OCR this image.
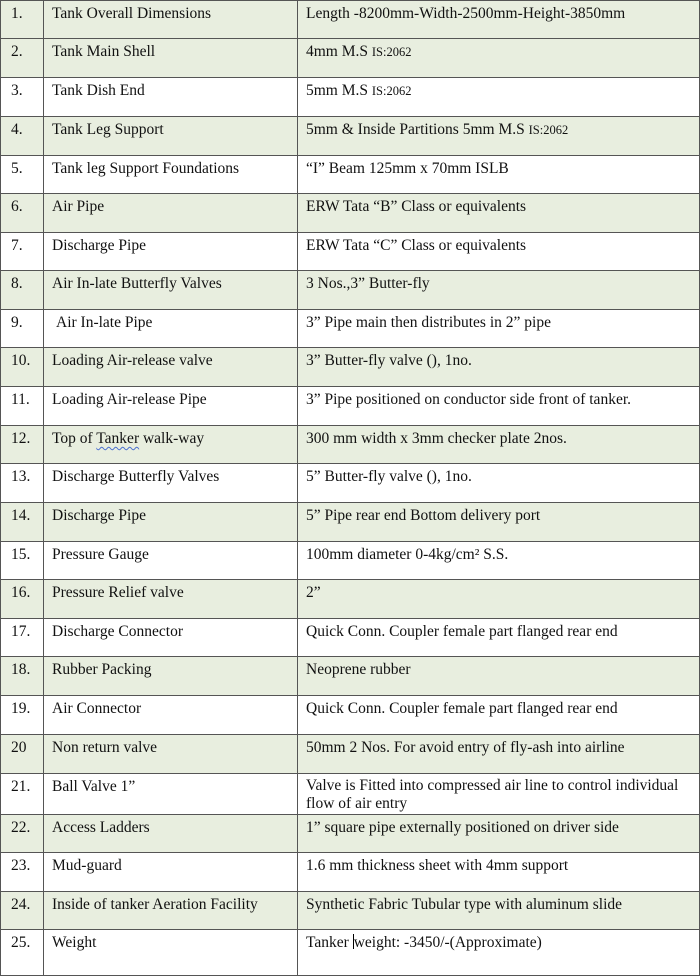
1.	Tank Overall Dimensions	Length -8200mm-Width-2500mm-Height-3850mm
2.	Tank Main Shell	4mm M.S IS:2062
3.	Tank Dish End	5mm M.S IS:2062
4.	Tank Leg Support	5mm & Inside Partitions 5mm M.S IS:2062
5.	Tank leg Support Foundations	“I” Beam 125mm x 70mm ISLB
6.	Air Pipe	ERW Tata “B” Class or equivalents
7.	Discharge Pipe	ERW Tata “C” Class or equivalents
8.	Air In-late Butterfly Valves	3 Nos.,3” Butter-fly
9.	Air In-late Pipe	3” Pipe main then distributes in 2” pipe
10.	Loading Air-release valve	3” Butter-fly valve (), 1no.
11.	Loading Air-release Pipe	3” Pipe positioned on conductor side front of tanker.
12.	Top of Tanker walk-way	300 mm width x 3mm checker plate 2nos.
13.	Discharge Butterfly Valves	5” Butter-fly valve (), 1no.
14.	Discharge Pipe	5” Pipe rear end Bottom delivery port
15.	Pressure Gauge	100mm diameter 0-4kg/cm² S.S.
16.	Pressure Relief valve	2”
17.	Discharge Connector	Quick Conn. Coupler female part flanged rear end
18.	Rubber Packing	Neoprene rubber
19.	Air Connector	Quick Conn. Coupler female part flanged rear end
20	Non return valve	50mm 2 Nos. For avoid entry of fly-ash into airline
21.	Ball Valve 1”	Valve is Fitted into compressed air line to control individual flow of air entry
22.	Access Ladders	1” square pipe externally positioned on driver side
23.	Mud-guard	1.6 mm thickness sheet with 4mm support
24.	Inside of tanker Aeration Facility	Synthetic Fabric Tubular type with aluminum slide
25.	Weight	Tanker weight: -3450/-(Approximate)
